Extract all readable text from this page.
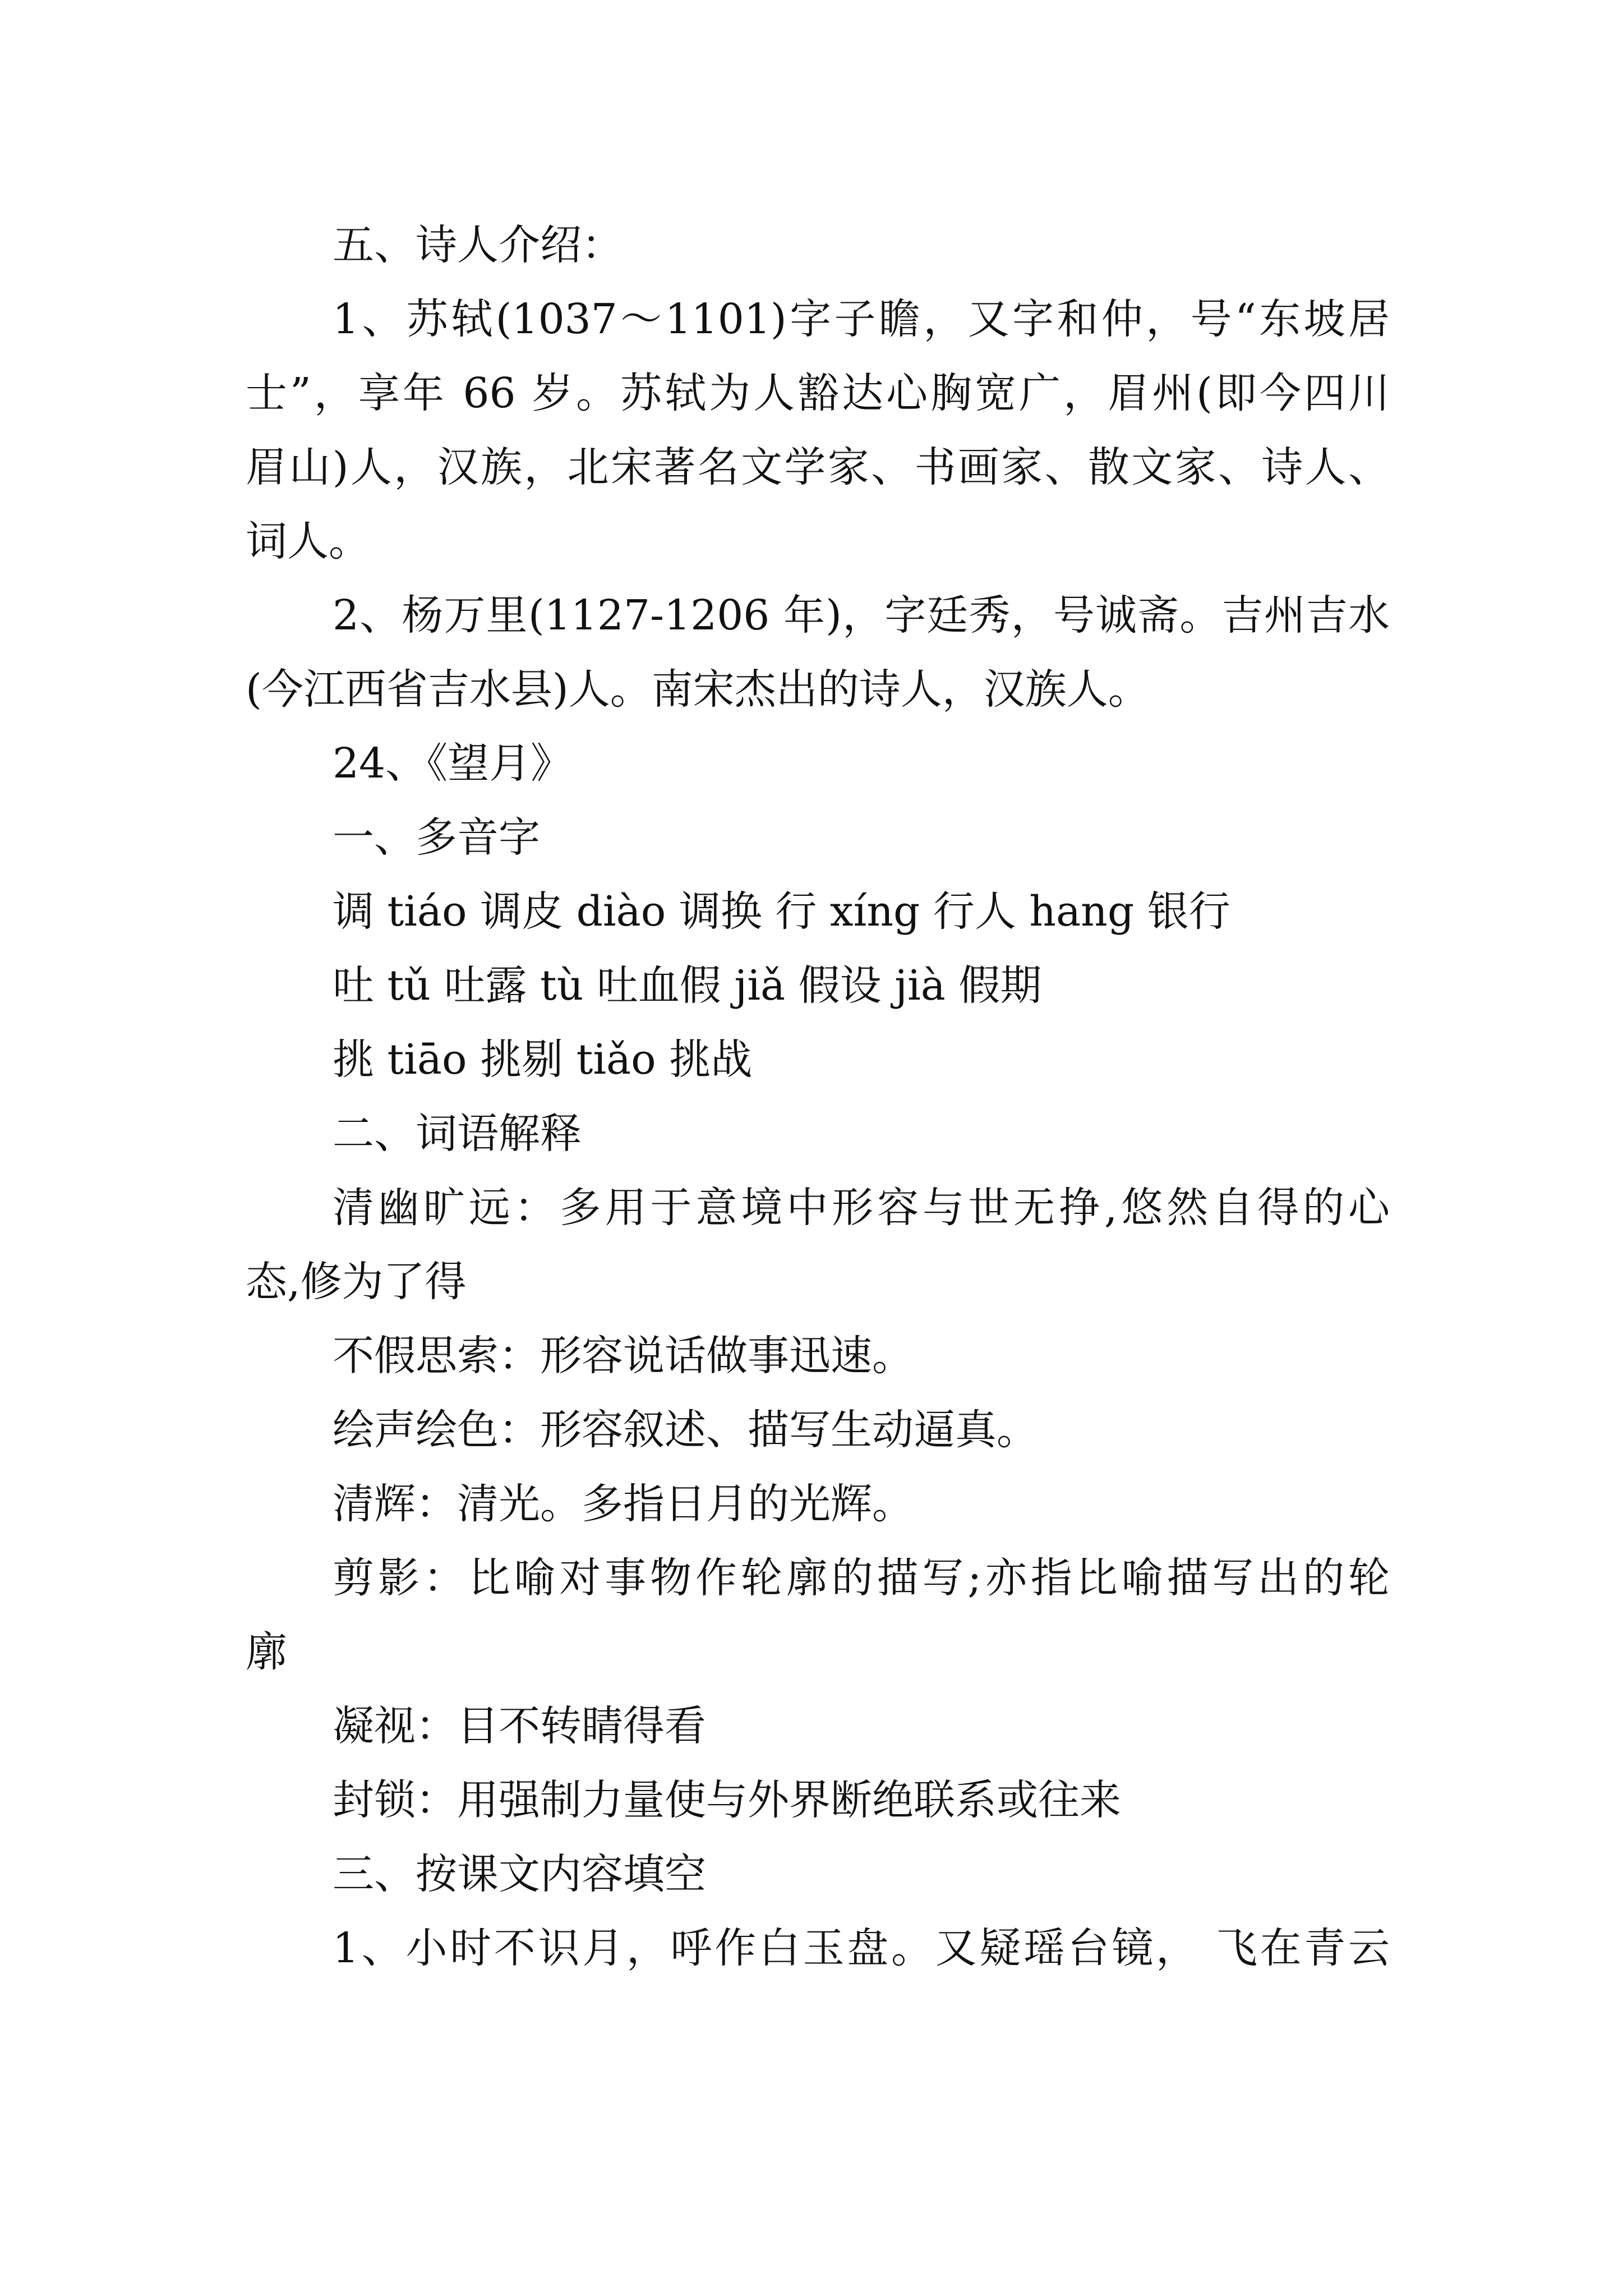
五、诗人介绍：
1、苏轼(1037～1101)字子瞻，又字和仲，号“东坡居
士”，享年 66 岁。苏轼为人豁达心胸宽广，眉州(即今四川
眉山)人，汉族，北宋著名文学家、书画家、散文家、诗人、
词人。
2、杨万里(1127-1206 年)，字廷秀，号诚斋。吉州吉水
(今江西省吉水县)人。南宋杰出的诗人，汉族人。
24、《望月》
一、多音字
调 tiáo 调皮 diào 调换 行 xíng 行人 hang 银行
吐 tǔ 吐露 tù 吐血假 jiǎ 假设 jià 假期
挑 tiāo 挑剔 tiǎo 挑战
二、词语解释
清幽旷远：多用于意境中形容与世无挣,悠然自得的心
态,修为了得
不假思索：形容说话做事迅速。
绘声绘色：形容叙述、描写生动逼真。
清辉：清光。多指日月的光辉。
剪影：比喻对事物作轮廓的描写;亦指比喻描写出的轮
廓
凝视：目不转睛得看
封锁：用强制力量使与外界断绝联系或往来
三、按课文内容填空
1、小时不识月，呼作白玉盘。又疑瑶台镜， 飞在青云
